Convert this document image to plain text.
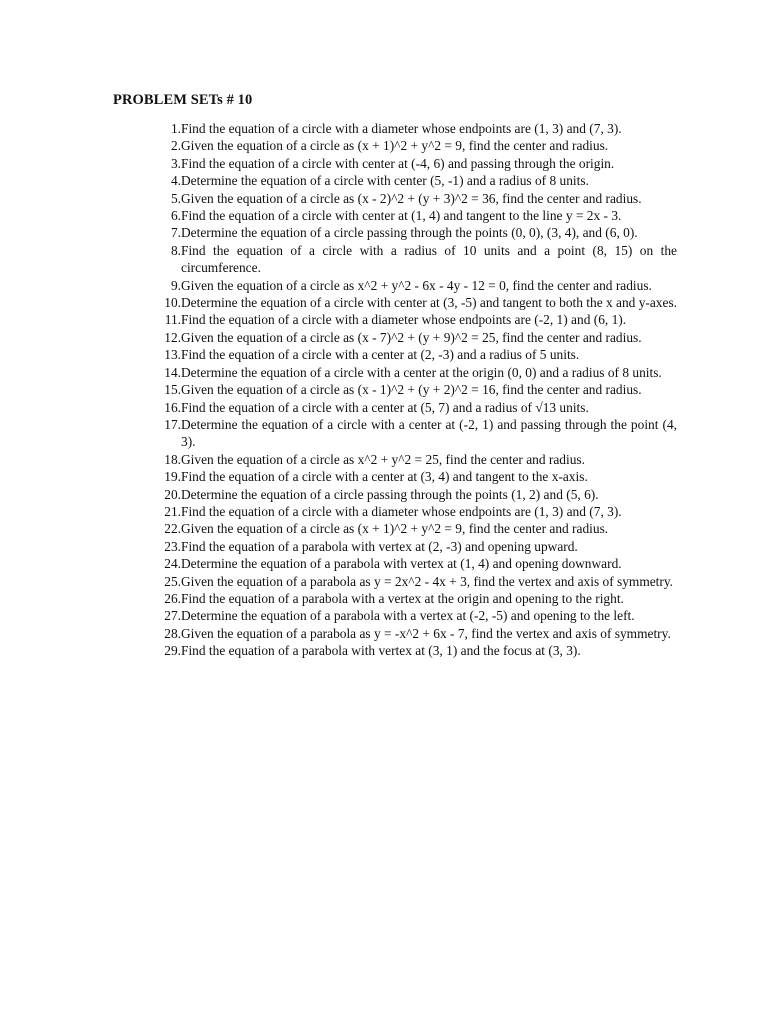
PROBLEM SETs # 10
1. Find the equation of a circle with a diameter whose endpoints are (1, 3) and (7, 3).
2. Given the equation of a circle as (x + 1)^2 + y^2 = 9, find the center and radius.
3. Find the equation of a circle with center at (-4, 6) and passing through the origin.
4. Determine the equation of a circle with center (5, -1) and a radius of 8 units.
5. Given the equation of a circle as (x - 2)^2 + (y + 3)^2 = 36, find the center and radius.
6. Find the equation of a circle with center at (1, 4) and tangent to the line y = 2x - 3.
7. Determine the equation of a circle passing through the points (0, 0), (3, 4), and (6, 0).
8. Find the equation of a circle with a radius of 10 units and a point (8, 15) on the circumference.
9. Given the equation of a circle as x^2 + y^2 - 6x - 4y - 12 = 0, find the center and radius.
10. Determine the equation of a circle with center at (3, -5) and tangent to both the x and y-axes.
11. Find the equation of a circle with a diameter whose endpoints are (-2, 1) and (6, 1).
12. Given the equation of a circle as (x - 7)^2 + (y + 9)^2 = 25, find the center and radius.
13. Find the equation of a circle with a center at (2, -3) and a radius of 5 units.
14. Determine the equation of a circle with a center at the origin (0, 0) and a radius of 8 units.
15. Given the equation of a circle as (x - 1)^2 + (y + 2)^2 = 16, find the center and radius.
16. Find the equation of a circle with a center at (5, 7) and a radius of √13 units.
17. Determine the equation of a circle with a center at (-2, 1) and passing through the point (4, 3).
18. Given the equation of a circle as x^2 + y^2 = 25, find the center and radius.
19. Find the equation of a circle with a center at (3, 4) and tangent to the x-axis.
20. Determine the equation of a circle passing through the points (1, 2) and (5, 6).
21. Find the equation of a circle with a diameter whose endpoints are (1, 3) and (7, 3).
22. Given the equation of a circle as (x + 1)^2 + y^2 = 9, find the center and radius.
23. Find the equation of a parabola with vertex at (2, -3) and opening upward.
24. Determine the equation of a parabola with vertex at (1, 4) and opening downward.
25. Given the equation of a parabola as y = 2x^2 - 4x + 3, find the vertex and axis of symmetry.
26. Find the equation of a parabola with a vertex at the origin and opening to the right.
27. Determine the equation of a parabola with a vertex at (-2, -5) and opening to the left.
28. Given the equation of a parabola as y = -x^2 + 6x - 7, find the vertex and axis of symmetry.
29. Find the equation of a parabola with vertex at (3, 1) and the focus at (3, 3).
